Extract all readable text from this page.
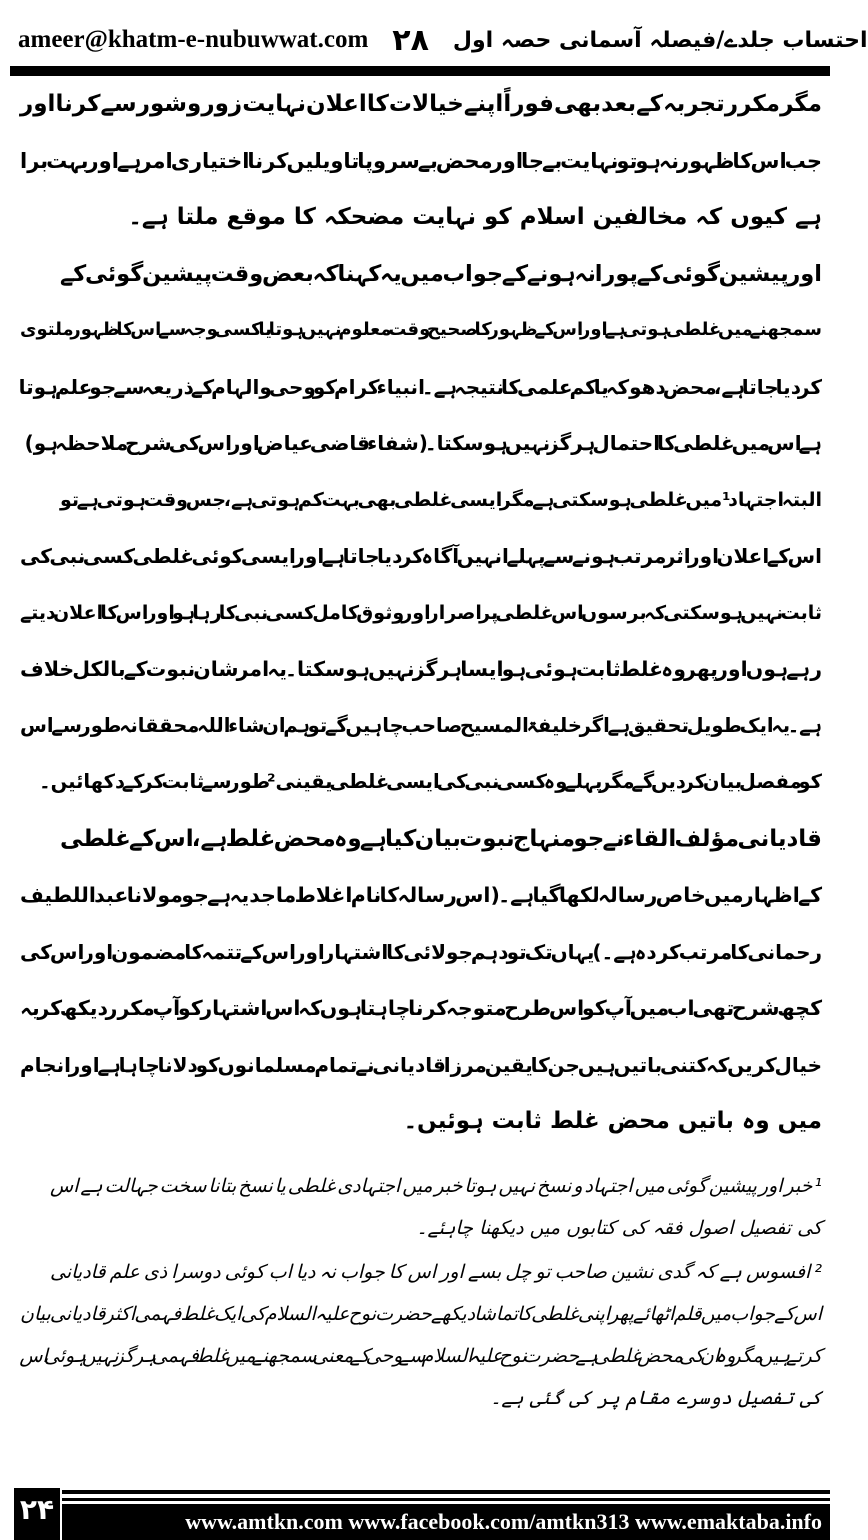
ameer@khatm-e-nubuwwat.com ۲۸ احتساب جلدے/فیصلہ آسمانی حصہ اول
مگر مکرر تجربہ کے بعد بھی فوراً اپنے خیالات کا اعلان نہایت زور وشور سے کرنا اور
جب اس کا ظہور نہ ہو تو نہایت بے جا اور محض بے سروپا تاویلیں کرنا اختیاری امر ہے اور بہت برا
ہے کیوں کہ مخالفین اسلام کو نہایت مضحکہ کا موقع ملتا ہے۔
اور پیشین گوئی کے پورا نہ ہونے کے جواب میں یہ کہنا کہ بعض وقت پیشین گوئی کے
سمجھنے میں غلطی ہوتی ہے اور اس کے ظہور کا صحیح وقت معلوم نہیں ہوتا یا کسی وجہ سے اس کا ظہور ملتوی
کر دیا جاتا ہے، محض دھوکہ یا کم علمی کا نتیجہ ہے۔ انبیاء کرام کو وحی والہام کے ذریعہ سے جو علم ہوتا
ہے اس میں غلطی کا احتمال ہرگز نہیں ہوسکتا۔ (شفاء قاضی عیاض اور اس کی شرح ملاحظہ ہو)
البتہ اجتہاد ¹میں غلطی ہوسکتی ہے مگر ایسی غلطی بھی بہت کم ہوتی ہے، جس وقت ہوتی ہے تو
اس کے اعلان اور اثر مرتب ہونے سے پہلے انہیں آگاہ کر دیا جاتا ہے اور ایسی کوئی غلطی کسی نبی کی
ثابت نہیں ہوسکتی کہ برسوں اس غلطی پر اصرار اور وثوق کامل کسی نبی کا رہا ہو اور اس کا اعلان دیتے
رہے ہوں اور پھر وہ غلط ثابت ہوئی ہو ایسا ہرگز نہیں ہوسکتا۔ یہ امر شان نبوت کے بالکل خلاف
ہے۔ یہ ایک طویل تحقیق ہے اگر خلیفۃ المسیح صاحب چاہیں گے تو ہم ان شاء اللہ محققانہ طور سے اس
کو مفصل بیان کر دیں گے مگر پہلے وہ کسی نبی کی ایسی غلطی یقینی² طور سے ثابت کر کے دکھائیں۔
قادیانی مؤلف القاء نے جو منہاج نبوت بیان کیا ہے وہ محض غلط ہے، اس کے غلطی
کے اظہار میں خاص رسالہ لکھا گیا ہے۔ (اس رسالہ کا نام اغلاط ماجدیہ ہے جو مولانا عبد اللطیف
رحمانی کا مرتب کردہ ہے۔) یہاں تک تو دہم جولائی کا اشتہار اور اس کے تتمہ کا مضمون اور اس کی
کچھ شرح تھی اب میں آپ کو اس طرح متوجہ کرنا چاہتا ہوں کہ اس اشتہار کو آپ مکرر دیکھ کر یہ
خیال کریں کہ کتنی باتیں ہیں جن کا یقین مرزا قادیانی نے تمام مسلمانوں کو دلانا چاہا ہے اور انجام
میں وہ باتیں محض غلط ثابت ہوئیں۔
¹ خبر اور پیشین گوئی میں اجتہاد و نسخ نہیں ہوتا خبر میں اجتہادی غلطی یا نسخ بتانا سخت جہالت ہے اس
کی تفصیل اصول فقہ کی کتابوں میں دیکھنا چاہئے۔
² افسوس ہے کہ گدی نشین صاحب تو چل بسے اور اس کا جواب نہ دیا اب کوئی دوسرا ذی علم قادیانی
اس کے جواب میں قلم اٹھائے پھر اپنی غلطی کا تماشا دیکھے حضرت نوح علیہ السلام کی ایک غلط فہمی اکثر قادیانی بیان
کرتے ہیں مگر وہ ان کی محض غلطی ہے حضرت نوح علیہ السلام سے وحی کے معنی سمجھنے میں غلط فہمی ہرگز نہیں ہوئی اس
کی تفصیل دوسرے مقام پر کی گئی ہے۔
۲۴	www.amtkn.com www.facebook.com/amtkn313 www.emaktaba.info
